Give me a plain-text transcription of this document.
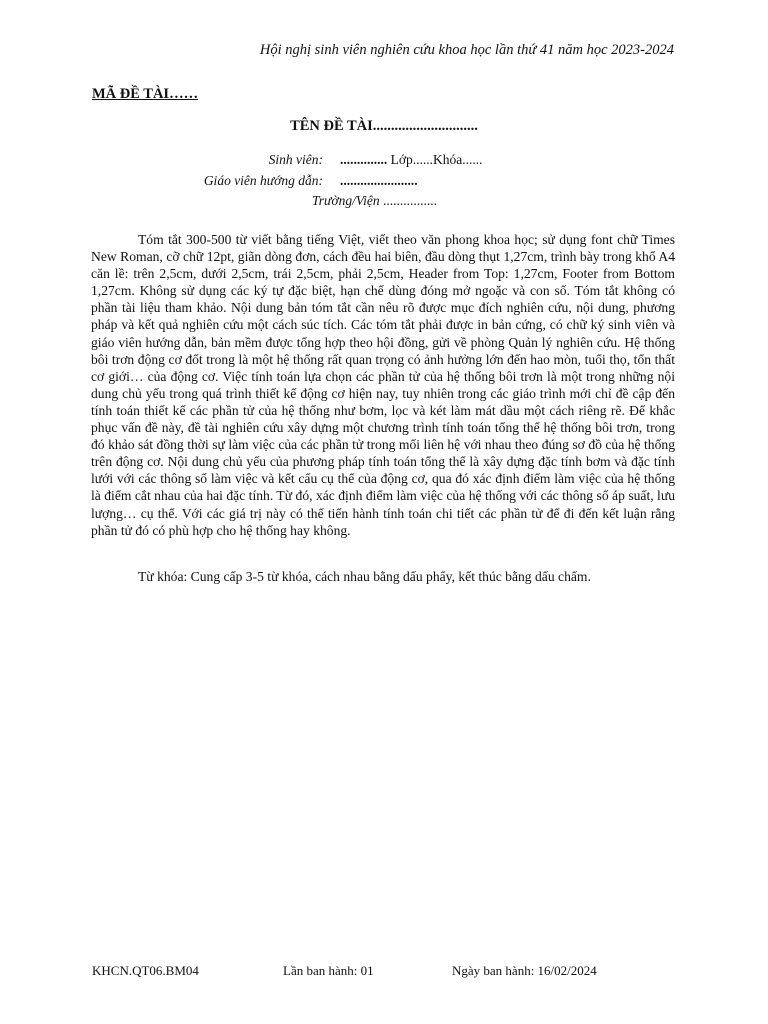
Hội nghị sinh viên nghiên cứu khoa học lần thứ 41 năm học 2023-2024
MÃ ĐỀ TÀI……
TÊN ĐỀ TÀI.............................
Sinh viên: .............. Lớp......Khóa......
Giáo viên hướng dẫn: .......................
Trường/Viện ................

Tóm tắt 300-500 từ viết bằng tiếng Việt, viết theo văn phong khoa học; sử dụng font chữ Times New Roman, cỡ chữ 12pt, giãn dòng đơn, cách đều hai biên, đầu dòng thụt 1,27cm, trình bày trong khổ A4 căn lề: trên 2,5cm, dưới 2,5cm, trái 2,5cm, phải 2,5cm, Header from Top: 1,27cm, Footer from Bottom 1,27cm. Không sử dụng các ký tự đặc biệt, hạn chế dùng đóng mở ngoặc và con số. Tóm tắt không có phần tài liệu tham khảo. Nội dung bản tóm tắt cần nêu rõ được mục đích nghiên cứu, nội dung, phương pháp và kết quả nghiên cứu một cách súc tích. Các tóm tắt phải được in bản cứng, có chữ ký sinh viên và giáo viên hướng dẫn, bản mềm được tổng hợp theo hội đồng, gửi về phòng Quản lý nghiên cứu. Hệ thống bôi trơn động cơ đốt trong là một hệ thống rất quan trọng có ảnh hưởng lớn đến hao mòn, tuổi thọ, tổn thất cơ giới… của động cơ. Việc tính toán lựa chọn các phần tử của hệ thống bôi trơn là một trong những nội dung chủ yếu trong quá trình thiết kế động cơ hiện nay, tuy nhiên trong các giáo trình mới chỉ đề cập đến tính toán thiết kế các phần tử của hệ thống như bơm, lọc và két làm mát dầu một cách riêng rẽ. Để khắc phục vấn đề này, đề tài nghiên cứu xây dựng một chương trình tính toán tổng thể hệ thống bôi trơn, trong đó khảo sát đồng thời sự làm việc của các phần tử trong mối liên hệ với nhau theo đúng sơ đồ của hệ thống trên động cơ. Nội dung chủ yếu của phương pháp tính toán tổng thể là xây dựng đặc tính bơm và đặc tính lưới với các thông số làm việc và kết cấu cụ thể của động cơ, qua đó xác định điểm làm việc của hệ thống là điểm cắt nhau của hai đặc tính. Từ đó, xác định điểm làm việc của hệ thống với các thông số áp suất, lưu lượng… cụ thể. Với các giá trị này có thể tiến hành tính toán chi tiết các phần tử để đi đến kết luận rằng phần tử đó có phù hợp cho hệ thống hay không.

Từ khóa: Cung cấp 3-5 từ khóa, cách nhau bằng dấu phẩy, kết thúc bằng dấu chấm.

KHCN.QT06.BM04	Lần ban hành: 01	Ngày ban hành: 16/02/2024
